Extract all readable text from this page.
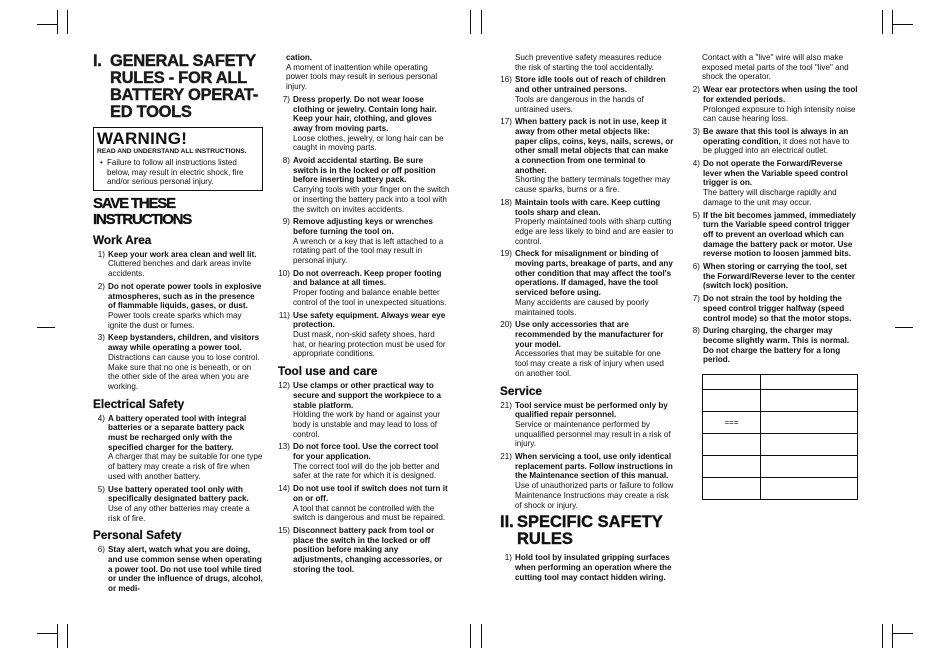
I. GENERAL SAFETY
RULES - FOR ALL
BATTERY OPERAT-
ED TOOLS
WARNING!
READ AND UNDERSTAND ALL INSTRUCTIONS.
• Failure to follow all instructions listed below, may result in electric shock, fire and/or serious personal injury.
SAVE THESE INSTRUCTIONS
Work Area
1) Keep your work area clean and well lit.
Cluttered benches and dark areas invite accidents.
2) Do not operate power tools in explosive atmospheres, such as in the presence of flammable liquids, gases, or dust.
Power tools create sparks which may ignite the dust or fumes.
3) Keep bystanders, children, and visitors away while operating a power tool.
Distractions can cause you to lose control. Make sure that no one is beneath, or on the other side of the area when you are working.
Electrical Safety
4) A battery operated tool with integral batteries or a separate battery pack must be recharged only with the specified charger for the battery.
A charger that may be suitable for one type of battery may create a risk of fire when used with another battery.
5) Use battery operated tool only with specifically designated battery pack.
Use of any other batteries may create a risk of fire.
Personal Safety
6) Stay alert, watch what you are doing, and use common sense when operating a power tool. Do not use tool while tired or under the influence of drugs, alcohol, or medi-
cation.
A moment of inattention while operating power tools may result in serious personal injury.
7) Dress properly. Do not wear loose clothing or jewelry. Contain long hair. Keep your hair, clothing, and gloves away from moving parts.
Loose clothes, jewelry, or long hair can be caught in moving parts.
8) Avoid accidental starting. Be sure switch is in the locked or off position before inserting battery pack.
Carrying tools with your finger on the switch or inserting the battery pack into a tool with the switch on invites accidents.
9) Remove adjusting keys or wrenches before turning the tool on.
A wrench or a key that is left attached to a rotating part of the tool may result in personal injury.
10) Do not overreach. Keep proper footing and balance at all times.
Proper footing and balance enable better control of the tool in unexpected situations.
11) Use safety equipment. Always wear eye protection.
Dust mask, non-skid safety shoes, hard hat, or hearing protection must be used for appropriate conditions.
Tool use and care
12) Use clamps or other practical way to secure and support the workpiece to a stable platform.
Holding the work by hand or against your body is unstable and may lead to loss of control.
13) Do not force tool. Use the correct tool for your application.
The correct tool will do the job better and safer at the rate for which it is designed.
14) Do not use tool if switch does not turn it on or off.
A tool that cannot be controlled with the switch is dangerous and must be repaired.
15) Disconnect battery pack from tool or place the switch in the locked or off position before making any adjustments, changing accessories, or storing the tool.
Such preventive safety measures reduce the risk of starting the tool accidentally.
16) Store idle tools out of reach of children and other untrained persons.
Tools are dangerous in the hands of untrained users.
17) When battery pack is not in use, keep it away from other metal objects like: paper clips, coins, keys, nails, screws, or other small metal objects that can make a connection from one terminal to another.
Shorting the battery terminals together may cause sparks, burns or a fire.
18) Maintain tools with care. Keep cutting tools sharp and clean.
Properly maintained tools with sharp cutting edge are less likely to bind and are easier to control.
19) Check for misalignment or binding of moving parts, breakage of parts, and any other condition that may affect the tool's operations. If damaged, have the tool serviced before using.
Many accidents are caused by poorly maintained tools.
20) Use only accessories that are recommended by the manufacturer for your model.
Accessories that may be suitable for one tool may create a risk of injury when used on another tool.
Service
21) Tool service must be performed only by qualified repair personnel.
Service or maintenance performed by unqualified personnel may result in a risk of injury.
21) When servicing a tool, use only identical replacement parts. Follow instructions in the Maintenance section of this manual.
Use of unauthorized parts or failure to follow Maintenance Instructions may create a risk of shock or injury.
II. SPECIFIC SAFETY
RULES
1) Hold tool by insulated gripping surfaces when performing an operation where the cutting tool may contact hidden wiring.
Contact with a "live" wire will also make exposed metal parts of the tool "live" and shock the operator.
2) Wear ear protectors when using the tool for extended periods.
Prolonged exposure to high intensity noise can cause hearing loss.
3) Be aware that this tool is always in an operating condition, it does not have to be plugged into an electrical outlet.
4) Do not operate the Forward/Reverse lever when the Variable speed control trigger is on.
The battery will discharge rapidly and damage to the unit may occur.
5) If the bit becomes jammed, immediately turn the Variable speed control trigger off to prevent an overload which can damage the battery pack or motor. Use reverse motion to loosen jammed bits.
6) When storing or carrying the tool, set the Forward/Reverse lever to the center (switch lock) position.
7) Do not strain the tool by holding the speed control trigger halfway (speed control mode) so that the motor stops.
8) During charging, the charger may become slightly warm. This is normal. Do not charge the battery for a long period.

===	
